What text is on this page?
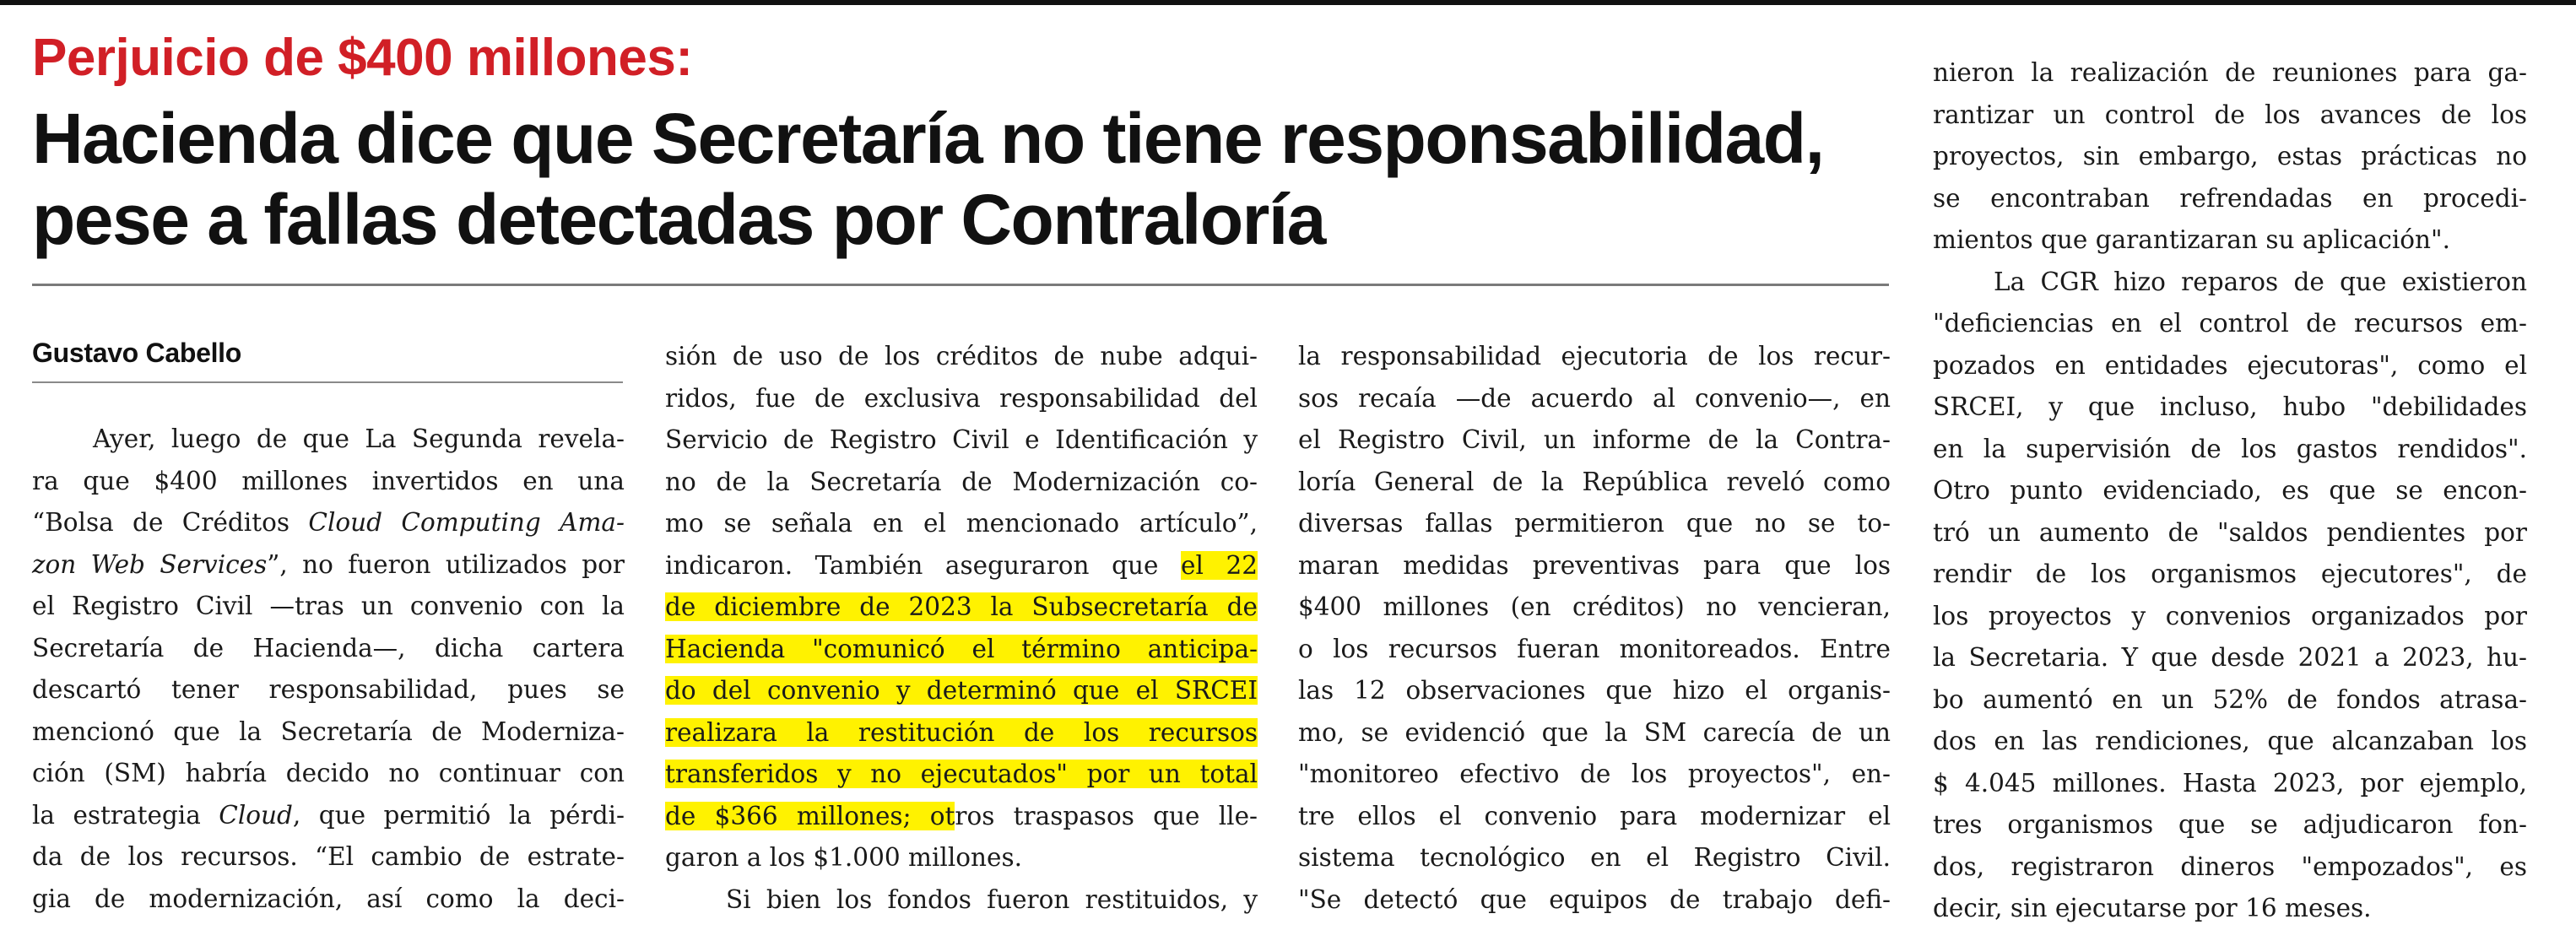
Perjuicio de $400 millones:
Hacienda dice que Secretaría no tiene responsabilidad,
pese a fallas detectadas por Contraloría
Gustavo Cabello
Ayer, luego de que La Segunda revela-
ra que $400 millones invertidos en una
“Bolsa de Créditos Cloud Computing Ama-
zon Web Services”, no fueron utilizados por
el Registro Civil —tras un convenio con la
Secretaría de Hacienda—, dicha cartera
descartó tener responsabilidad, pues se
mencionó que la Secretaría de Moderniza-
ción (SM) habría decido no continuar con
la estrategia Cloud, que permitió la pérdi-
da de los recursos. “El cambio de estrate-
gia de modernización, así como la deci-
sión de uso de los créditos de nube adqui-
ridos, fue de exclusiva responsabilidad del
Servicio de Registro Civil e Identificación y
no de la Secretaría de Modernización co-
mo se señala en el mencionado artículo”,
indicaron. También aseguraron que el 22
de diciembre de 2023 la Subsecretaría de
Hacienda "comunicó el término anticipa-
do del convenio y determinó que el SRCEI
realizara la restitución de los recursos
transferidos y no ejecutados" por un total
de $366 millones; otros traspasos que lle-
garon a los $1.000 millones.
Si bien los fondos fueron restituidos, y
la responsabilidad ejecutoria de los recur-
sos recaía —de acuerdo al convenio—, en
el Registro Civil, un informe de la Contra-
loría General de la República reveló como
diversas fallas permitieron que no se to-
maran medidas preventivas para que los
$400 millones (en créditos) no vencieran,
o los recursos fueran monitoreados. Entre
las 12 observaciones que hizo el organis-
mo, se evidenció que la SM carecía de un
"monitoreo efectivo de los proyectos", en-
tre ellos el convenio para modernizar el
sistema tecnológico en el Registro Civil.
"Se detectó que equipos de trabajo defi-
nieron la realización de reuniones para ga-
rantizar un control de los avances de los
proyectos, sin embargo, estas prácticas no
se encontraban refrendadas en procedi-
mientos que garantizaran su aplicación".
La CGR hizo reparos de que existieron
"deficiencias en el control de recursos em-
pozados en entidades ejecutoras", como el
SRCEI, y que incluso, hubo "debilidades
en la supervisión de los gastos rendidos".
Otro punto evidenciado, es que se encon-
tró un aumento de "saldos pendientes por
rendir de los organismos ejecutores", de
los proyectos y convenios organizados por
la Secretaria. Y que desde 2021 a 2023, hu-
bo aumentó en un 52% de fondos atrasa-
dos en las rendiciones, que alcanzaban los
$ 4.045 millones. Hasta 2023, por ejemplo,
tres organismos que se adjudicaron fon-
dos, registraron dineros "empozados", es
decir, sin ejecutarse por 16 meses.
